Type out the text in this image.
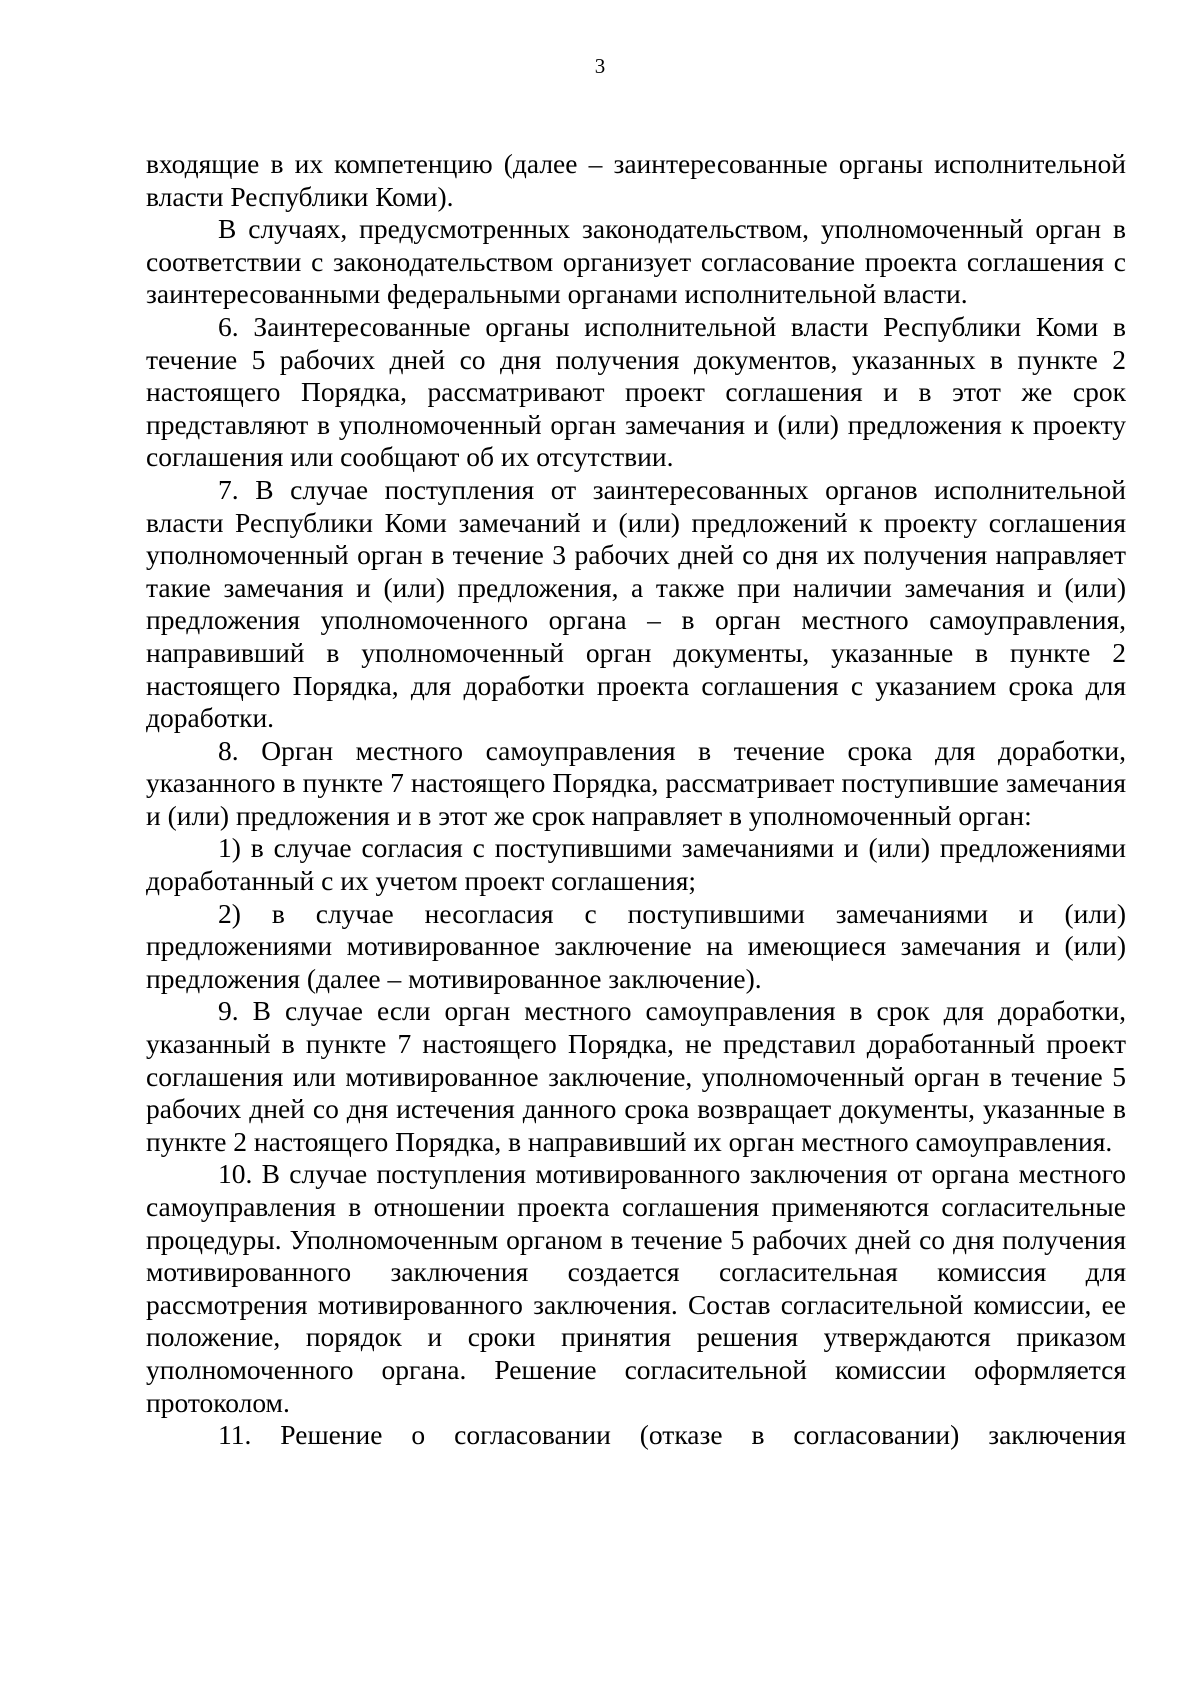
3

входящие в их компетенцию (далее – заинтересованные органы исполнительной власти Республики Коми).

В случаях, предусмотренных законодательством, уполномоченный орган в соответствии с законодательством организует согласование проекта соглашения с заинтересованными федеральными органами исполнительной власти.

6. Заинтересованные органы исполнительной власти Республики Коми в течение 5 рабочих дней со дня получения документов, указанных в пункте 2 настоящего Порядка, рассматривают проект соглашения и в этот же срок представляют в уполномоченный орган замечания и (или) предложения к проекту соглашения или сообщают об их отсутствии.

7. В случае поступления от заинтересованных органов исполнительной власти Республики Коми замечаний и (или) предложений к проекту соглашения уполномоченный орган в течение 3 рабочих дней со дня их получения направляет такие замечания и (или) предложения, а также при наличии замечания и (или) предложения уполномоченного органа – в орган местного самоуправления, направивший в уполномоченный орган документы, указанные в пункте 2 настоящего Порядка, для доработки проекта соглашения с указанием срока для доработки.

8. Орган местного самоуправления в течение срока для доработки, указанного в пункте 7 настоящего Порядка, рассматривает поступившие замечания и (или) предложения и в этот же срок направляет в уполномоченный орган:

1) в случае согласия с поступившими замечаниями и (или) предложениями доработанный с их учетом проект соглашения;

2) в случае несогласия с поступившими замечаниями и (или) предложениями мотивированное заключение на имеющиеся замечания и (или) предложения (далее – мотивированное заключение).

9. В случае если орган местного самоуправления в срок для доработки, указанный в пункте 7 настоящего Порядка, не представил доработанный проект соглашения или мотивированное заключение, уполномоченный орган в течение 5 рабочих дней со дня истечения данного срока возвращает документы, указанные в пункте 2 настоящего Порядка, в направивший их орган местного самоуправления.

10. В случае поступления мотивированного заключения от органа местного самоуправления в отношении проекта соглашения применяются согласительные процедуры. Уполномоченным органом в течение 5 рабочих дней со дня получения мотивированного заключения создается согласительная комиссия для рассмотрения мотивированного заключения. Состав согласительной комиссии, ее положение, порядок и сроки принятия решения утверждаются приказом уполномоченного органа. Решение согласительной комиссии оформляется протоколом.

11. Решение о согласовании (отказе в согласовании) заключения
